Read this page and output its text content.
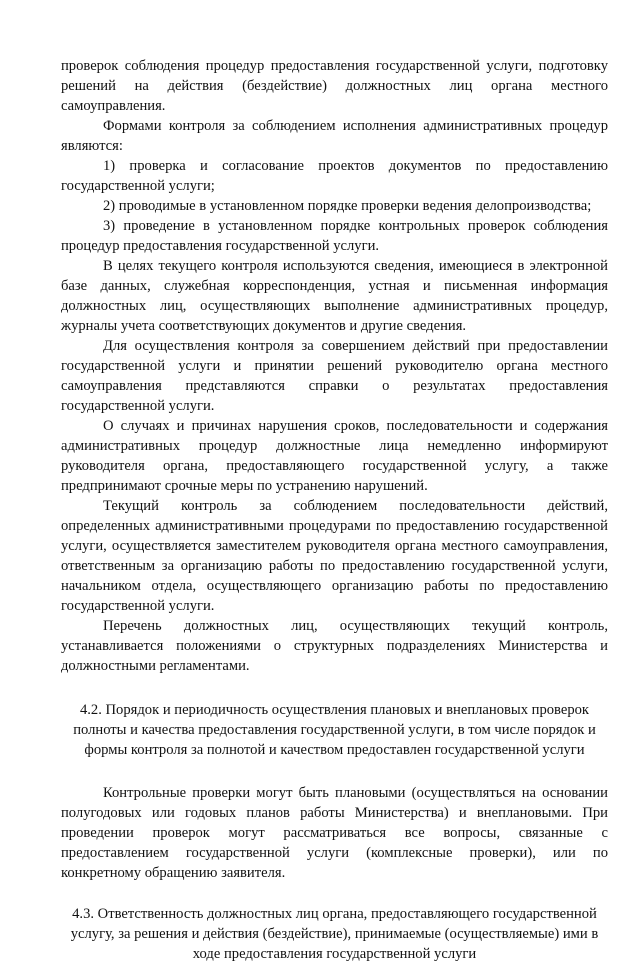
проверок соблюдения процедур предоставления государственной услуги, подготовку решений на действия (бездействие) должностных лиц органа местного самоуправления.

Формами контроля за соблюдением исполнения административных процедур являются:

1) проверка и согласование проектов документов по предоставлению государственной услуги;

2) проводимые в установленном порядке проверки ведения делопроизводства;

3) проведение в установленном порядке контрольных проверок соблюдения процедур предоставления государственной услуги.

В целях текущего контроля используются сведения, имеющиеся в электронной базе данных, служебная корреспонденция, устная и письменная информация должностных лиц, осуществляющих выполнение административных процедур, журналы учета соответствующих документов и другие сведения.

Для осуществления контроля за совершением действий при предоставлении государственной услуги и принятии решений руководителю органа местного самоуправления представляются справки о результатах предоставления государственной услуги.

О случаях и причинах нарушения сроков, последовательности и содержания административных процедур должностные лица немедленно информируют руководителя органа, предоставляющего государственной услугу, а также предпринимают срочные меры по устранению нарушений.

Текущий контроль за соблюдением последовательности действий, определенных административными процедурами по предоставлению государственной услуги, осуществляется заместителем руководителя органа местного самоуправления, ответственным за организацию работы по предоставлению государственной услуги, начальником отдела, осуществляющего организацию работы по предоставлению государственной услуги.

Перечень должностных лиц, осуществляющих текущий контроль, устанавливается положениями о структурных подразделениях Министерства и должностными регламентами.

4.2. Порядок и периодичность осуществления плановых и внеплановых проверок полноты и качества предоставления государственной услуги, в том числе порядок и формы контроля за полнотой и качеством предоставлен государственной услуги

Контрольные проверки могут быть плановыми (осуществляться на основании полугодовых или годовых планов работы Министерства) и внеплановыми. При проведении проверок могут рассматриваться все вопросы, связанные с предоставлением государственной услуги (комплексные проверки), или по конкретному обращению заявителя.

4.3. Ответственность должностных лиц органа, предоставляющего государственной услугу, за решения и действия (бездействие), принимаемые (осуществляемые) ими в ходе предоставления государственной услуги
